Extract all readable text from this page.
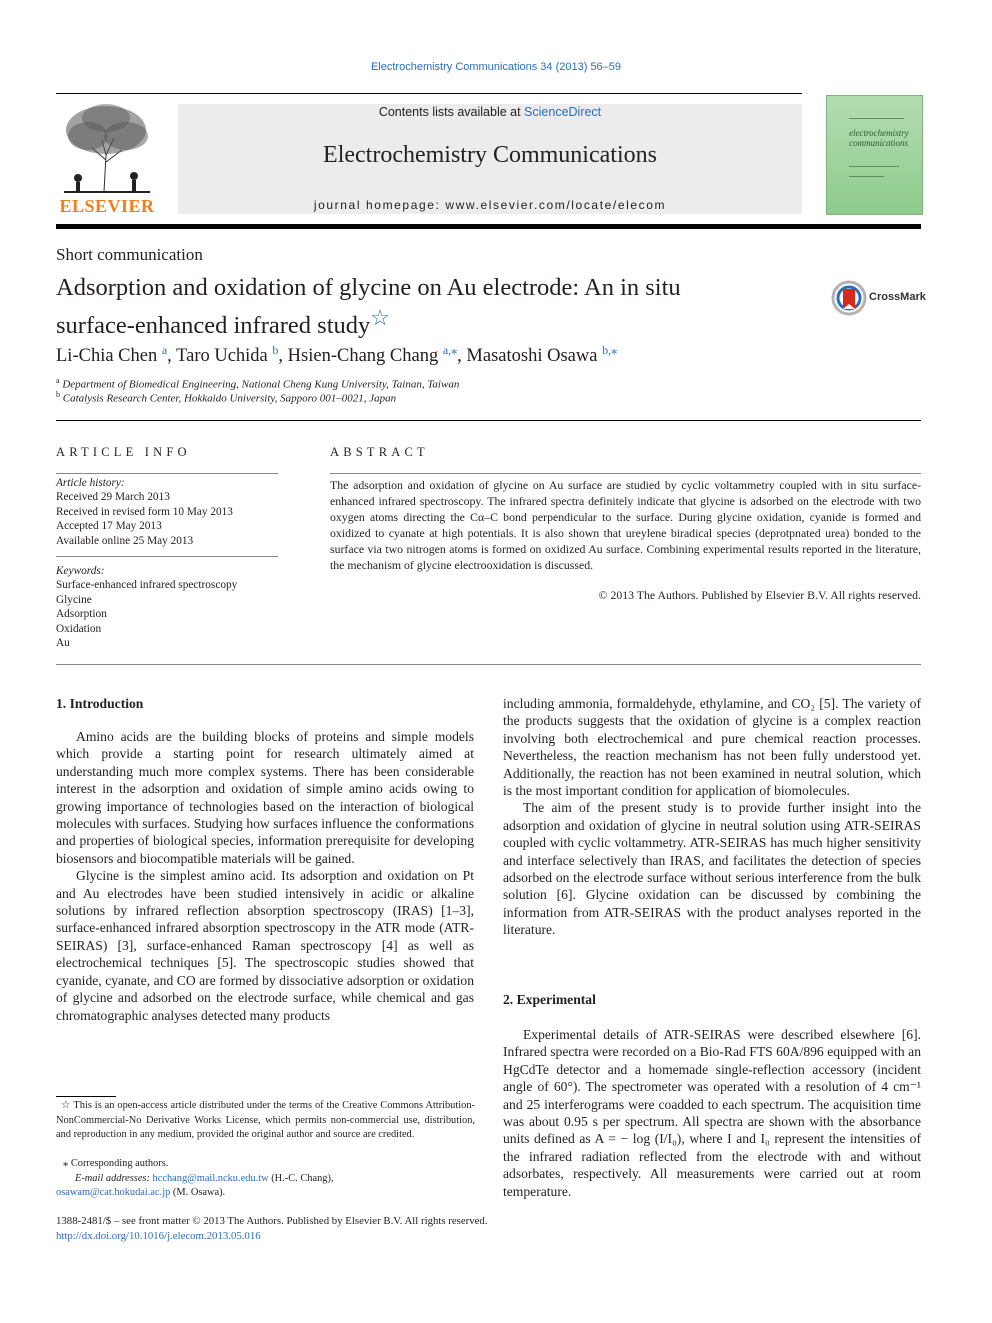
Electrochemistry Communications 34 (2013) 56–59
ELSEVIER
Contents lists available at ScienceDirect
Electrochemistry Communications
journal homepage: www.elsevier.com/locate/elecom
electrochemistry communications
Short communication
Adsorption and oxidation of glycine on Au electrode: An in situ
surface-enhanced infrared study☆
CrossMark
Li-Chia Chen $^a$, Taro Uchida $^b$, Hsien-Chang Chang $^{a,⁎}$, Masatoshi Osawa $^{b,⁎}$
$^a$ Department of Biomedical Engineering, National Cheng Kung University, Tainan, Taiwan
$^b$ Catalysis Research Center, Hokkaido University, Sapporo 001–0021, Japan
ARTICLE INFO
Article history:
Received 29 March 2013
Received in revised form 10 May 2013
Accepted 17 May 2013
Available online 25 May 2013
Keywords:
Surface-enhanced infrared spectroscopy
Glycine
Adsorption
Oxidation
Au
ABSTRACT
The adsorption and oxidation of glycine on Au surface are studied by cyclic voltammetry coupled with in situ surface-enhanced infrared spectroscopy. The infrared spectra definitely indicate that glycine is adsorbed on the electrode with two oxygen atoms directing the Cα–C bond perpendicular to the surface. During glycine oxidation, cyanide is formed and oxidized to cyanate at high potentials. It is also shown that ureylene biradical species (deprotpnated urea) bonded to the surface via two nitrogen atoms is formed on oxidized Au surface. Combining experimental results reported in the literature, the mechanism of glycine electrooxidation is discussed.
© 2013 The Authors. Published by Elsevier B.V. All rights reserved.
1. Introduction

Amino acids are the building blocks of proteins and simple models which provide a starting point for research ultimately aimed at understanding much more complex systems. There has been considerable interest in the adsorption and oxidation of simple amino acids owing to growing importance of technologies based on the interaction of biological molecules with surfaces. Studying how surfaces influence the conformations and properties of biological species, information prerequisite for developing biosensors and biocompatible materials will be gained.

Glycine is the simplest amino acid. Its adsorption and oxidation on Pt and Au electrodes have been studied intensively in acidic or alkaline solutions by infrared reflection absorption spectroscopy (IRAS) [1–3], surface-enhanced infrared absorption spectroscopy in the ATR mode (ATR-SEIRAS) [3], surface-enhanced Raman spectroscopy [4] as well as electrochemical techniques [5]. The spectroscopic studies showed that cyanide, cyanate, and CO are formed by dissociative adsorption or oxidation of glycine and adsorbed on the electrode surface, while chemical and gas chromatographic analyses detected many products

including ammonia, formaldehyde, ethylamine, and CO₂ [5]. The variety of the products suggests that the oxidation of glycine is a complex reaction involving both electrochemical and pure chemical reaction processes. Nevertheless, the reaction mechanism has not been fully understood yet. Additionally, the reaction has not been examined in neutral solution, which is the most important condition for application of biomolecules.

The aim of the present study is to provide further insight into the adsorption and oxidation of glycine in neutral solution using ATR-SEIRAS coupled with cyclic voltammetry. ATR-SEIRAS has much higher sensitivity and interface selectively than IRAS, and facilitates the detection of species adsorbed on the electrode surface without serious interference from the bulk solution [6]. Glycine oxidation can be discussed by combining the information from ATR-SEIRAS with the product analyses reported in the literature.

2. Experimental

Experimental details of ATR-SEIRAS were described elsewhere [6]. Infrared spectra were recorded on a Bio-Rad FTS 60A/896 equipped with an HgCdTe detector and a homemade single-reflection accessory (incident angle of 60°). The spectrometer was operated with a resolution of 4 cm⁻¹ and 25 interferograms were coadded to each spectrum. The acquisition time was about 0.95 s per spectrum. All spectra are shown with the absorbance units defined as A = − log (I/I₀), where I and I₀ represent the intensities of the infrared radiation reflected from the electrode with and without adsorbates, respectively. All measurements were carried out at room temperature.

☆ This is an open-access article distributed under the terms of the Creative Commons Attribution-NonCommercial-No Derivative Works License, which permits non-commercial use, distribution, and reproduction in any medium, provided the original author and source are credited.
⁎ Corresponding authors.
E-mail addresses: hcchang@mail.ncku.edu.tw (H.-C. Chang),
osawam@cat.hokudai.ac.jp (M. Osawa).
1388-2481/$ – see front matter © 2013 The Authors. Published by Elsevier B.V. All rights reserved.
http://dx.doi.org/10.1016/j.elecom.2013.05.016
